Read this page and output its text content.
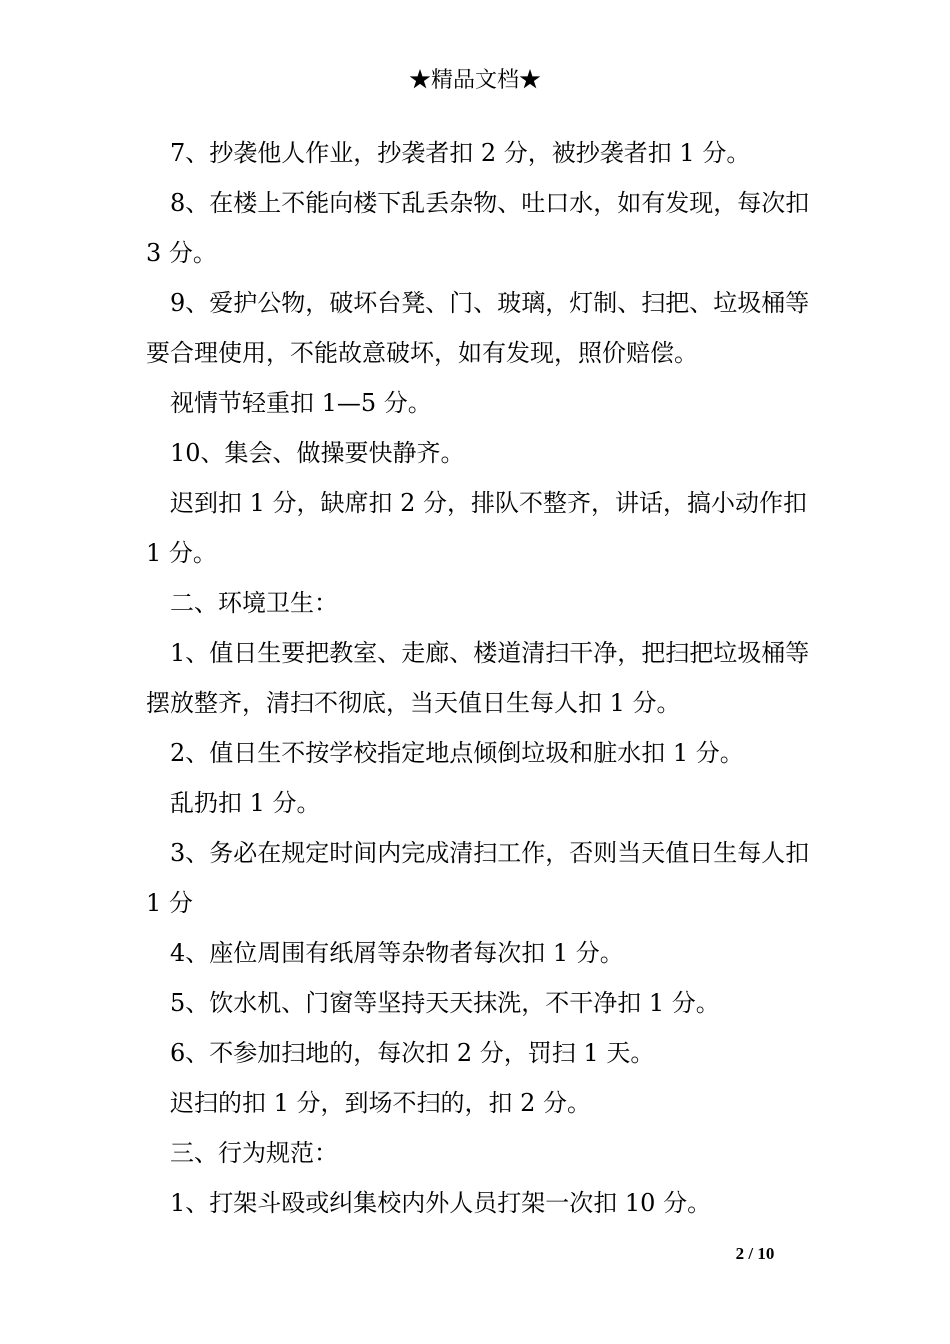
★精品文档★

7、抄袭他人作业，抄袭者扣 2 分，被抄袭者扣 1 分。

8、在楼上不能向楼下乱丢杂物、吐口水，如有发现，每次扣 3 分。

9、爱护公物，破坏台凳、门、玻璃，灯制、扫把、垃圾桶等要合理使用，不能故意破坏，如有发现，照价赔偿。

视情节轻重扣 1—5 分。

10、集会、做操要快静齐。

迟到扣 1 分，缺席扣 2 分，排队不整齐，讲话，搞小动作扣 1 分。

二、环境卫生：

1、值日生要把教室、走廊、楼道清扫干净，把扫把垃圾桶等摆放整齐，清扫不彻底，当天值日生每人扣 1 分。

2、值日生不按学校指定地点倾倒垃圾和脏水扣 1 分。

乱扔扣 1 分。

3、务必在规定时间内完成清扫工作，否则当天值日生每人扣 1 分

4、座位周围有纸屑等杂物者每次扣 1 分。

5、饮水机、门窗等坚持天天抹洗，不干净扣 1 分。

6、不参加扫地的，每次扣 2 分，罚扫 1 天。

迟扫的扣 1 分，到场不扫的，扣 2 分。

三、行为规范：

1、打架斗殴或纠集校内外人员打架一次扣 10 分。

2 / 10
